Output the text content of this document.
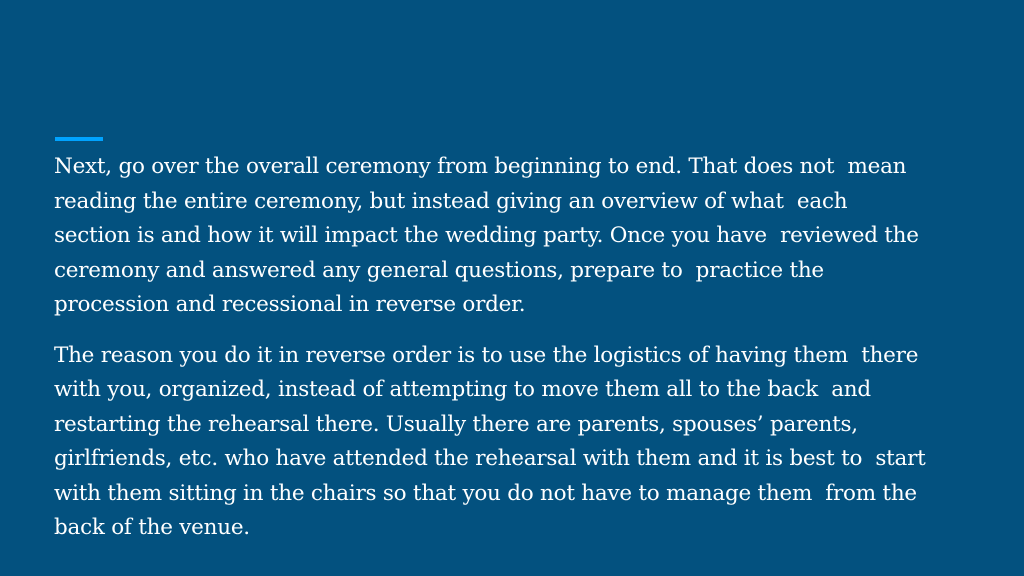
Next, go over the overall ceremony from beginning to end. That does not  mean
reading the entire ceremony, but instead giving an overview of what  each
section is and how it will impact the wedding party. Once you have  reviewed the
ceremony and answered any general questions, prepare to  practice the
procession and recessional in reverse order.

The reason you do it in reverse order is to use the logistics of having them  there
with you, organized, instead of attempting to move them all to the back  and
restarting the rehearsal there. Usually there are parents, spouses’ parents,
girlfriends, etc. who have attended the rehearsal with them and it is best to  start
with them sitting in the chairs so that you do not have to manage them  from the
back of the venue.
